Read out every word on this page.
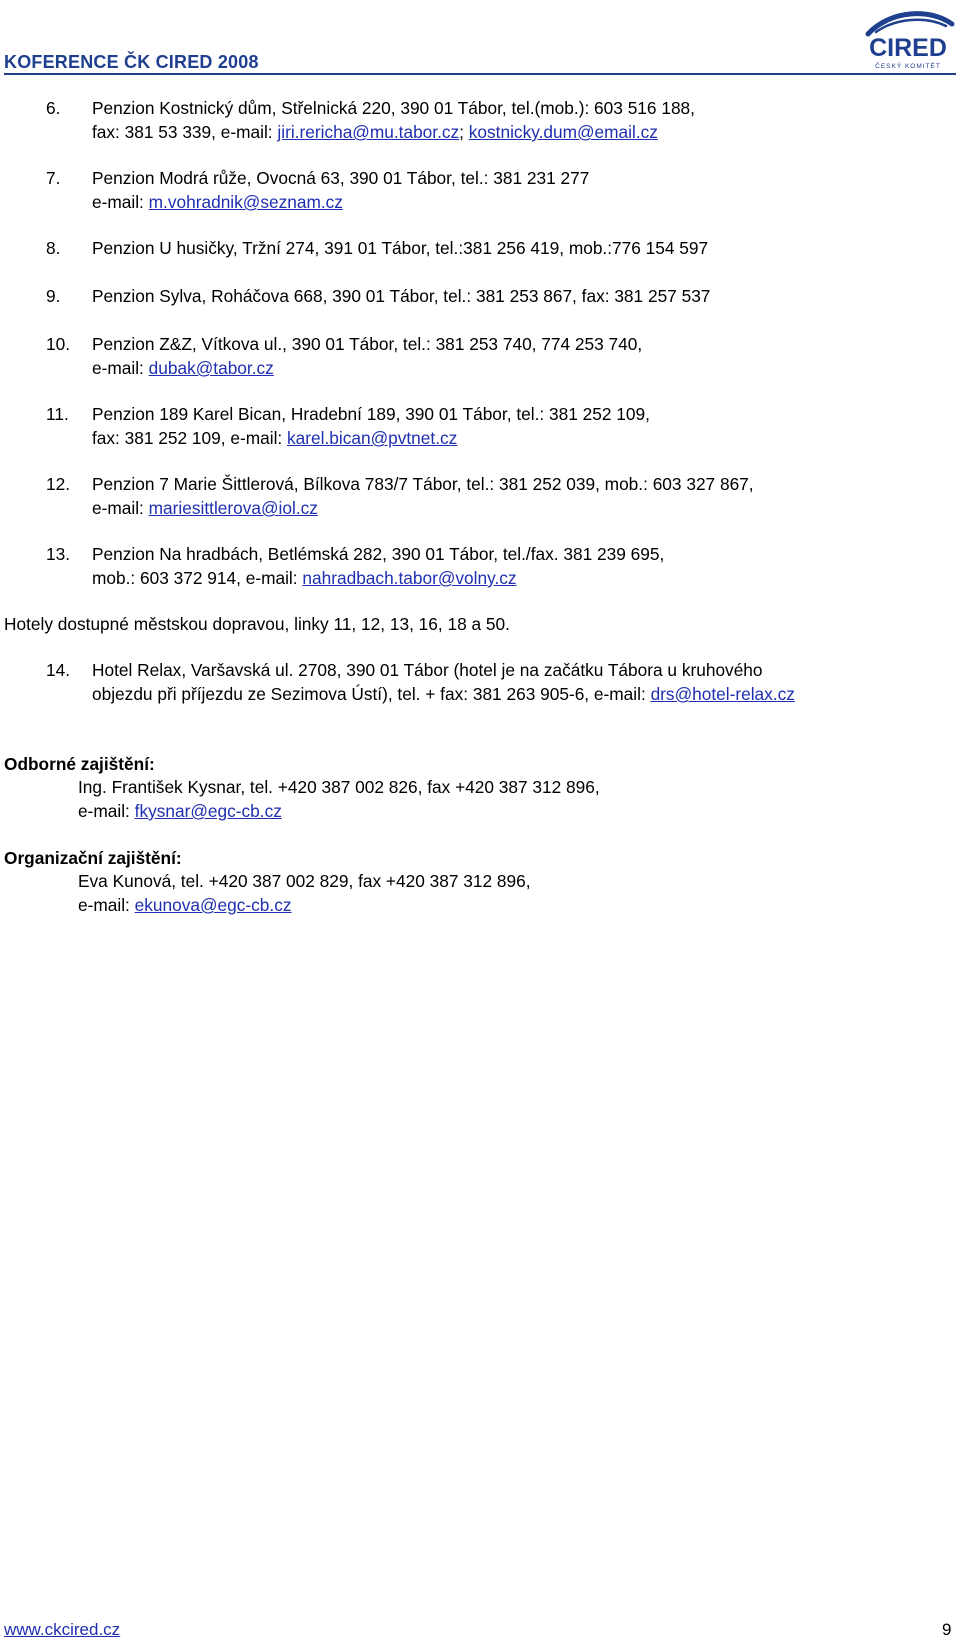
KOFERENCE ČK CIRED 2008	CIRED
ČESKÝ KOMITÉT
6. Penzion Kostnický dům, Střelnická 220, 390 01 Tábor, tel.(mob.): 603 516 188,
fax: 381 53 339, e-mail: jiri.rericha@mu.tabor.cz; kostnicky.dum@email.cz
7. Penzion Modrá růže, Ovocná 63, 390 01 Tábor, tel.: 381 231 277
e-mail: m.vohradnik@seznam.cz
8. Penzion U husičky, Tržní 274, 391 01 Tábor, tel.:381 256 419, mob.:776 154 597
9. Penzion Sylva, Roháčova 668, 390 01 Tábor, tel.: 381 253 867, fax: 381 257 537
10. Penzion Z&Z, Vítkova ul., 390 01 Tábor, tel.: 381 253 740, 774 253 740,
e-mail: dubak@tabor.cz
11. Penzion 189 Karel Bican, Hradební 189, 390 01 Tábor, tel.: 381 252 109,
fax: 381 252 109, e-mail: karel.bican@pvtnet.cz
12. Penzion 7 Marie Šittlerová, Bílkova 783/7 Tábor, tel.: 381 252 039, mob.: 603 327 867,
e-mail: mariesittlerova@iol.cz
13. Penzion Na hradbách, Betlémská 282, 390 01 Tábor, tel./fax. 381 239 695,
mob.: 603 372 914, e-mail: nahradbach.tabor@volny.cz
Hotely dostupné městskou dopravou, linky 11, 12, 13, 16, 18 a 50.
14. Hotel Relax, Varšavská ul. 2708, 390 01 Tábor (hotel je na začátku Tábora u kruhového
objezdu při příjezdu ze Sezimova Ústí), tel. + fax: 381 263 905-6, e-mail: drs@hotel-relax.cz
Odborné zajištění:
Ing. František Kysnar, tel. +420 387 002 826, fax +420 387 312 896,
e-mail: fkysnar@egc-cb.cz
Organizační zajištění:
Eva Kunová, tel. +420 387 002 829, fax +420 387 312 896,
e-mail: ekunova@egc-cb.cz
www.ckcired.cz	9
